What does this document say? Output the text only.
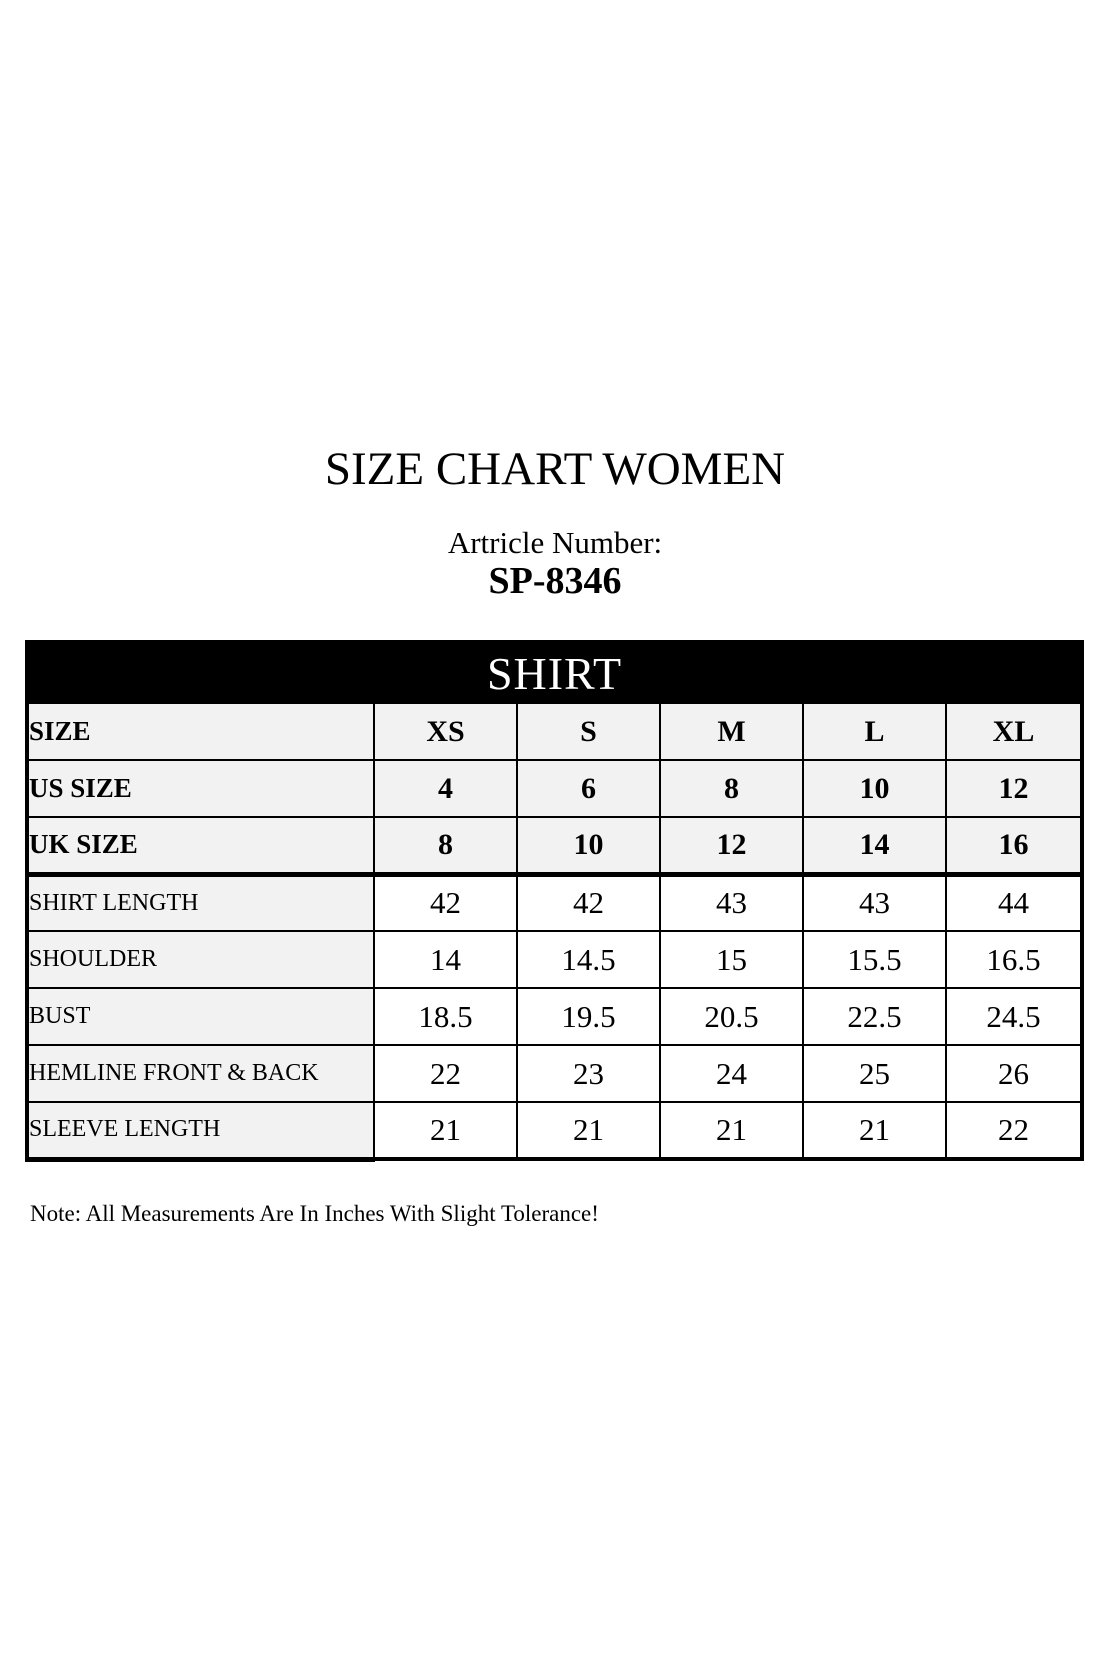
SIZE CHART WOMEN
Artricle Number:
SP-8346
SHIRT					
SIZE	XS	S	M	L	XL
US SIZE	4	6	8	10	12
UK SIZE	8	10	12	14	16
SHIRT LENGTH	42	42	43	43	44
SHOULDER	14	14.5	15	15.5	16.5
BUST	18.5	19.5	20.5	22.5	24.5
HEMLINE FRONT & BACK	22	23	24	25	26
SLEEVE LENGTH	21	21	21	21	22
Note: All Measurements Are In Inches With Slight Tolerance!
